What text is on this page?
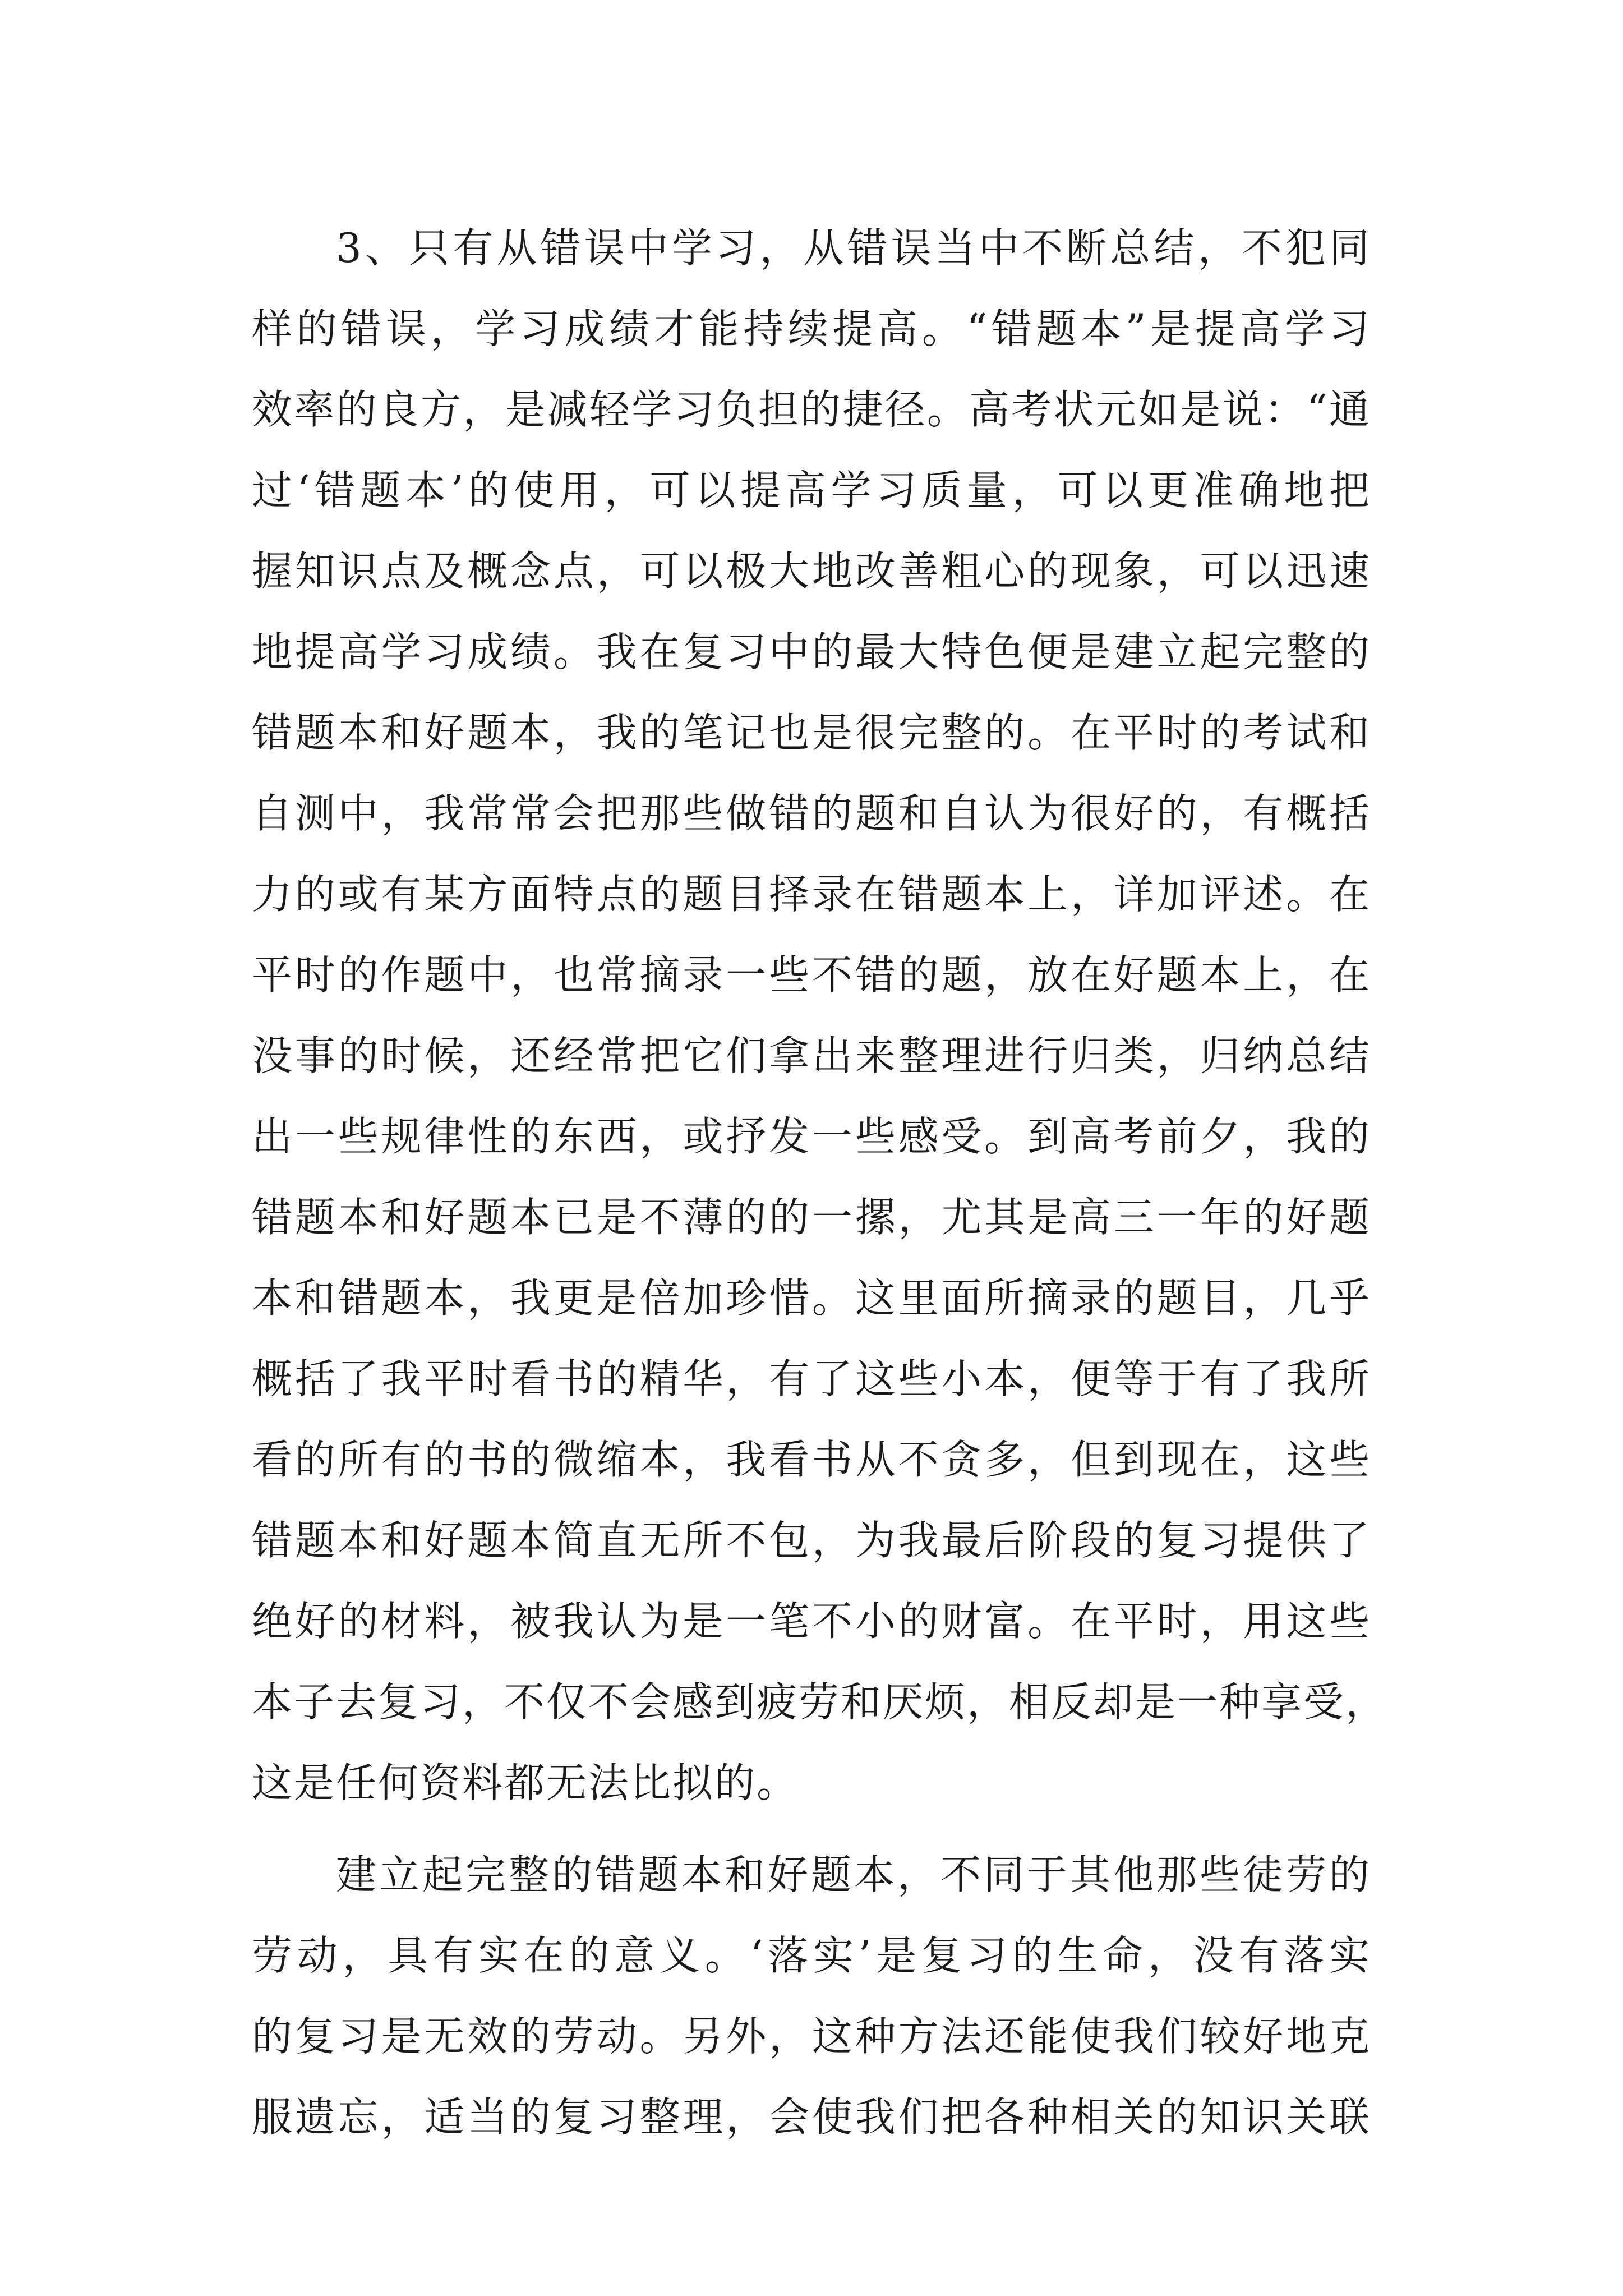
3、只有从错误中学习，从错误当中不断总结，不犯同
样的错误，学习成绩才能持续提高。“错题本”是提高学习
效率的良方，是减轻学习负担的捷径。高考状元如是说：“通
过‘错题本’的使用，可以提高学习质量，可以更准确地把
握知识点及概念点，可以极大地改善粗心的现象，可以迅速
地提高学习成绩。我在复习中的最大特色便是建立起完整的
错题本和好题本，我的笔记也是很完整的。在平时的考试和
自测中，我常常会把那些做错的题和自认为很好的，有概括
力的或有某方面特点的题目择录在错题本上，详加评述。在
平时的作题中，也常摘录一些不错的题，放在好题本上，在
没事的时候，还经常把它们拿出来整理进行归类，归纳总结
出一些规律性的东西，或抒发一些感受。到高考前夕，我的
错题本和好题本已是不薄的的一摞，尤其是高三一年的好题
本和错题本，我更是倍加珍惜。这里面所摘录的题目，几乎
概括了我平时看书的精华，有了这些小本，便等于有了我所
看的所有的书的微缩本，我看书从不贪多，但到现在，这些
错题本和好题本简直无所不包，为我最后阶段的复习提供了
绝好的材料，被我认为是一笔不小的财富。在平时，用这些
本子去复习，不仅不会感到疲劳和厌烦，相反却是一种享受，
这是任何资料都无法比拟的。
建立起完整的错题本和好题本，不同于其他那些徒劳的
劳动，具有实在的意义。‘落实’是复习的生命，没有落实
的复习是无效的劳动。另外，这种方法还能使我们较好地克
服遗忘，适当的复习整理，会使我们把各种相关的知识关联
